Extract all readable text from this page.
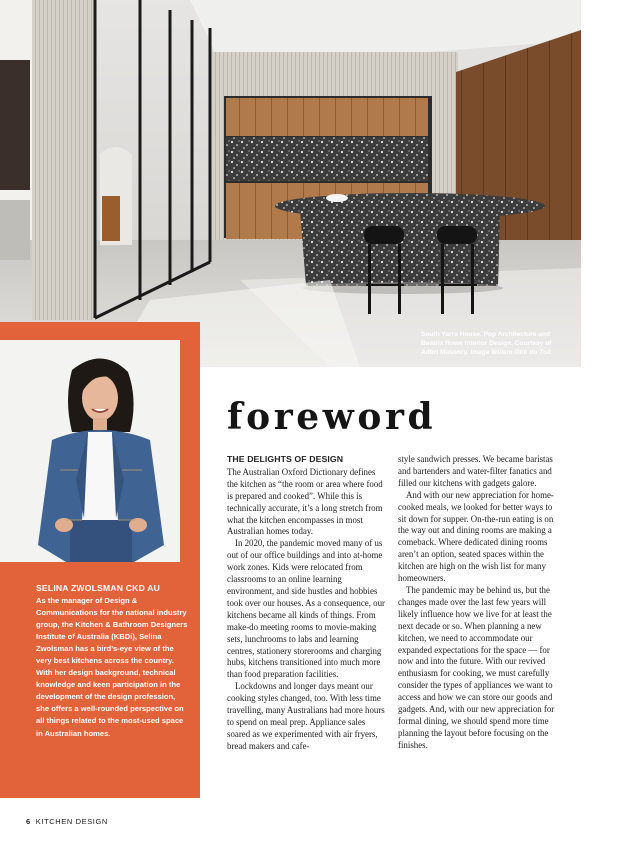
South Yarra House. Pop Architecture and
Beatrix Rowe Interior Design. Courtesy of
Adbri Masonry. Image Willem-Dirk du Toit
SELINA ZWOLSMAN CKD AU
As the manager of Design & Communications for the national industry group, the Kitchen & Bathroom Designers Institute of Australia (KBDi), Selina Zwolsman has a bird’s-eye view of the very best kitchens across the country. With her design background, technical knowledge and keen participation in the development of the design profession, she offers a well-rounded perspective on all things related to the most-used space in Australian homes.
foreword
THE DELIGHTS OF DESIGN

The Australian Oxford Dictionary defines the kitchen as “the room or area where food is prepared and cooked”. While this is technically accurate, it’s a long stretch from what the kitchen encompasses in most Australian homes today.

In 2020, the pandemic moved many of us out of our office buildings and into at-home work zones. Kids were relocated from classrooms to an online learning environment, and side hustles and hobbies took over our houses. As a consequence, our kitchens became all kinds of things. From make-do meeting rooms to movie-making sets, lunchrooms to labs and learning centres, stationery storerooms and charging hubs, kitchens transitioned into much more than food preparation facilities.

Lockdowns and longer days meant our cooking styles changed, too. With less time travelling, many Australians had more hours to spend on meal prep. Appliance sales soared as we experimented with air fryers, bread makers and cafe-

style sandwich presses. We became baristas and bartenders and water-filter fanatics and filled our kitchens with gadgets galore.

And with our new appreciation for home-cooked meals, we looked for better ways to sit down for supper. On-the-run eating is on the way out and dining rooms are making a comeback. Where dedicated dining rooms aren’t an option, seated spaces within the kitchen are high on the wish list for many homeowners.

The pandemic may be behind us, but the changes made over the last few years will likely influence how we live for at least the next decade or so. When planning a new kitchen, we need to accommodate our expanded expectations for the space — for now and into the future. With our revived enthusiasm for cooking, we must carefully consider the types of appliances we want to access and how we can store our goods and gadgets. And, with our new appreciation for formal dining, we should spend more time planning the layout before focusing on the finishes.

6 KITCHEN DESIGN
